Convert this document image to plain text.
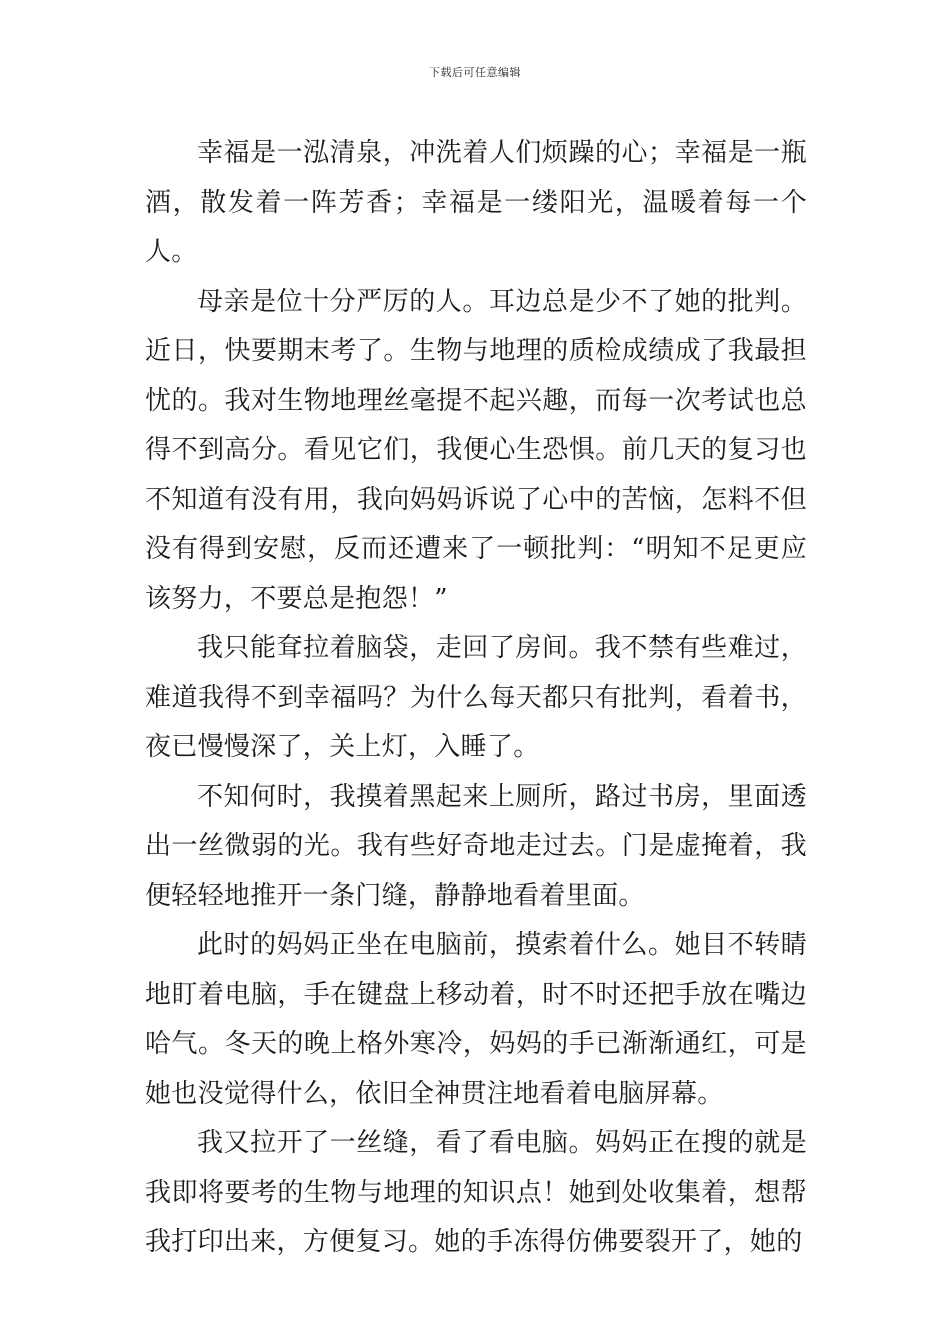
下载后可任意编辑

幸福是一泓清泉，冲洗着人们烦躁的心；幸福是一瓶酒，散发着一阵芳香；幸福是一缕阳光，温暖着每一个人。

母亲是位十分严厉的人。耳边总是少不了她的批判。近日，快要期末考了。生物与地理的质检成绩成了我最担忧的。我对生物地理丝毫提不起兴趣，而每一次考试也总得不到高分。看见它们，我便心生恐惧。前几天的复习也不知道有没有用，我向妈妈诉说了心中的苦恼，怎料不但没有得到安慰，反而还遭来了一顿批判：“明知不足更应该努力，不要总是抱怨！”

我只能耷拉着脑袋，走回了房间。我不禁有些难过，难道我得不到幸福吗？为什么每天都只有批判，看着书，夜已慢慢深了，关上灯，入睡了。

不知何时，我摸着黑起来上厕所，路过书房，里面透出一丝微弱的光。我有些好奇地走过去。门是虚掩着，我便轻轻地推开一条门缝，静静地看着里面。

此时的妈妈正坐在电脑前，摸索着什么。她目不转睛地盯着电脑，手在键盘上移动着，时不时还把手放在嘴边哈气。冬天的晚上格外寒冷，妈妈的手已渐渐通红，可是她也没觉得什么，依旧全神贯注地看着电脑屏幕。

我又拉开了一丝缝，看了看电脑。妈妈正在搜的就是我即将要考的生物与地理的知识点！她到处收集着，想帮我打印出来，方便复习。她的手冻得仿佛要裂开了，她的
